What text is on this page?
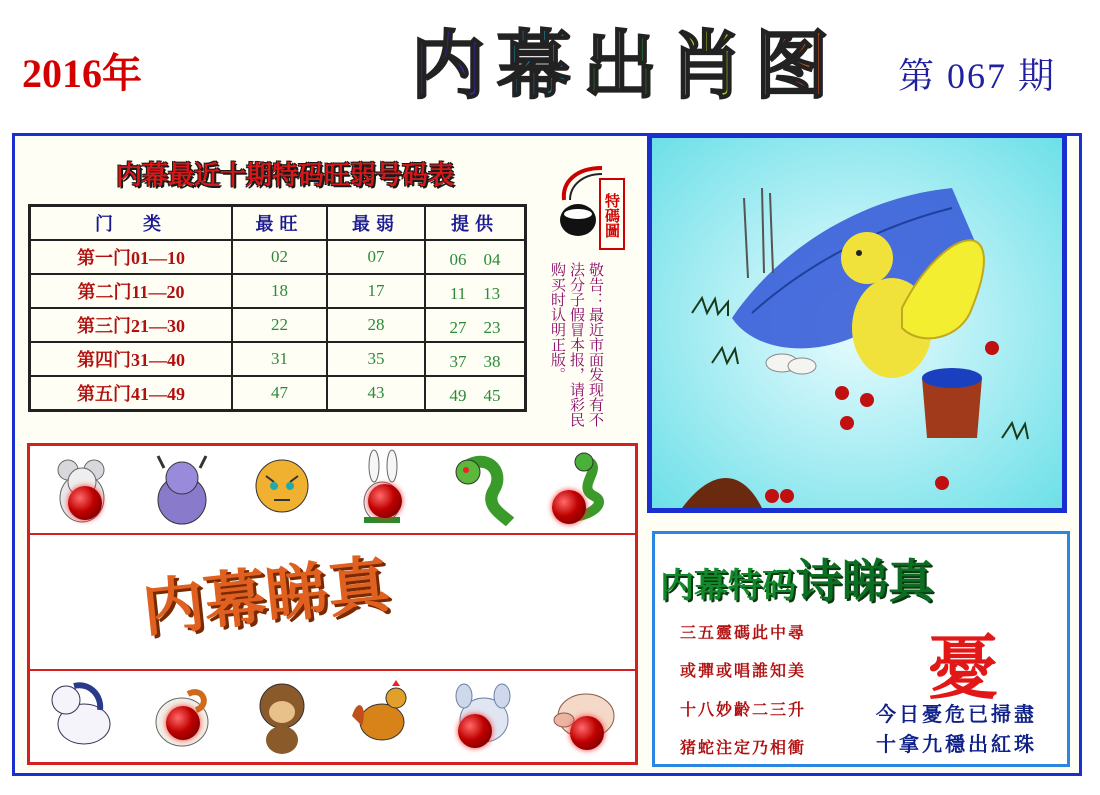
2016年	内 幕 出 肖 图 第 067 期
内幕最近十期特码旺弱号码表
门　类	最旺	最弱	提供
第一门01—10	02	07	06　04
第二门11—20	18	17	11　13
第三门21—30	22	28	27　23
第四门31—40	31	35	37　38
第五门41—49	47	43	49　45
特碼圖
敬告：最近市面发现有不法分子假冒本报，请彩民购买时认明正版。
内幕睇真	内幕特码诗睇真
憂
三五靈碼此中尋
或彈或唱誰知美
十八妙齡二三升
猪蛇注定乃相衝
今日憂危已掃盡
十拿九穩出紅珠
